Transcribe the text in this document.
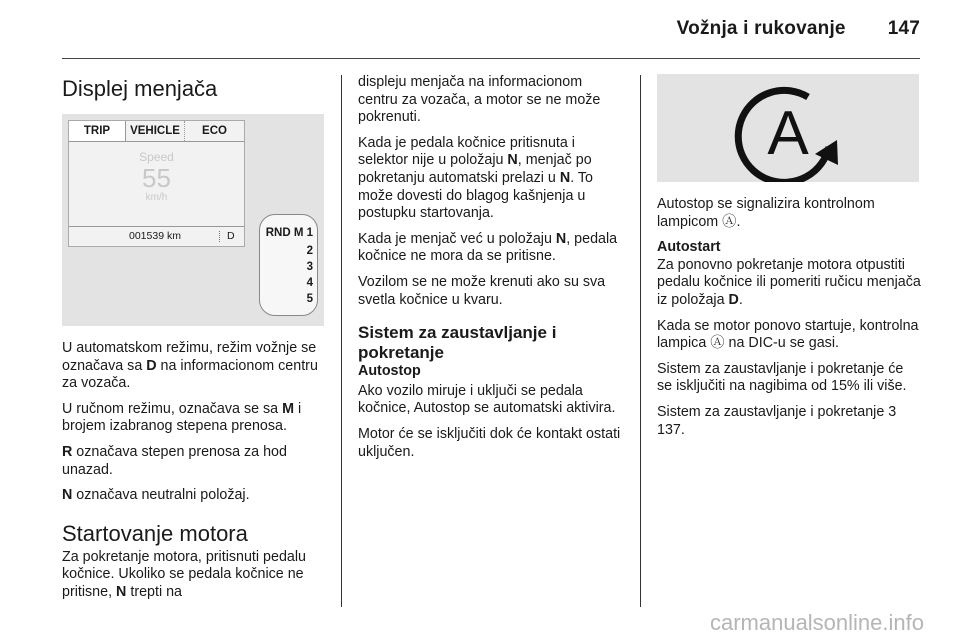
Vožnja i rukovanje 147
Displej menjača
TRIP	VEHICLE	ECO
Speed
55
km/h
001539 km	D	RND M 1
2
3
4
5

U automatskom režimu, režim vožnje se označava sa D na informacionom centru za vozača.

U ručnom režimu, označava se sa M i brojem izabranog stepena prenosa.

R označava stepen prenosa za hod unazad.

N označava neutralni položaj.

Startovanje motora

Za pokretanje motora, pritisnuti pedalu kočnice. Ukoliko se pedala kočnice ne pritisne, N trepti na

displeju menjača na informacionom centru za vozača, a motor se ne može pokrenuti.

Kada je pedala kočnice pritisnuta i selektor nije u položaju N, menjač po pokretanju automatski prelazi u N. To može dovesti do blagog kašnjenja u postupku startovanja.

Kada je menjač već u položaju N, pedala kočnice ne mora da se pritisne.

Vozilom se ne može krenuti ako su sva svetla kočnice u kvaru.

Sistem za zaustavljanje i pokretanje
Autostop

Ako vozilo miruje i uključi se pedala kočnice, Autostop se automatski aktivira.

Motor će se isključiti dok će kontakt ostati uključen.

A

Autostop se signalizira kontrolnom lampicom Ⓐ.

Autostart

Za ponovno pokretanje motora otpustiti pedalu kočnice ili pomeriti ručicu menjača iz položaja D.

Kada se motor ponovo startuje, kontrolna lampica Ⓐ na DIC-u se gasi.

Sistem za zaustavljanje i pokretanje će se isključiti na nagibima od 15% ili više.

Sistem za zaustavljanje i pokretanje 3 137.

carmanualsonline.info
